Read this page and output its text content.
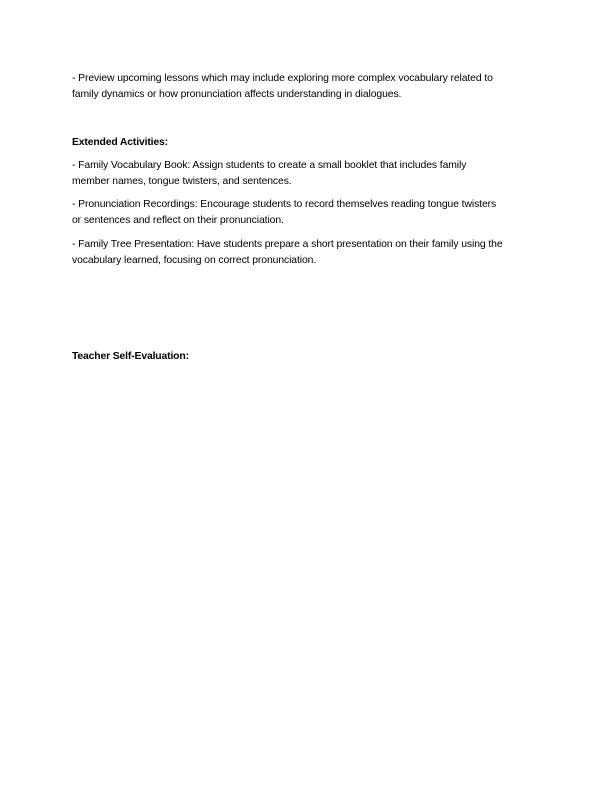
- Preview upcoming lessons which may include exploring more complex vocabulary related to

family dynamics or how pronunciation affects understanding in dialogues.

Extended Activities:

- Family Vocabulary Book: Assign students to create a small booklet that includes family

member names, tongue twisters, and sentences.

- Pronunciation Recordings: Encourage students to record themselves reading tongue twisters

or sentences and reflect on their pronunciation.

- Family Tree Presentation: Have students prepare a short presentation on their family using the

vocabulary learned, focusing on correct pronunciation.

Teacher Self-Evaluation:
